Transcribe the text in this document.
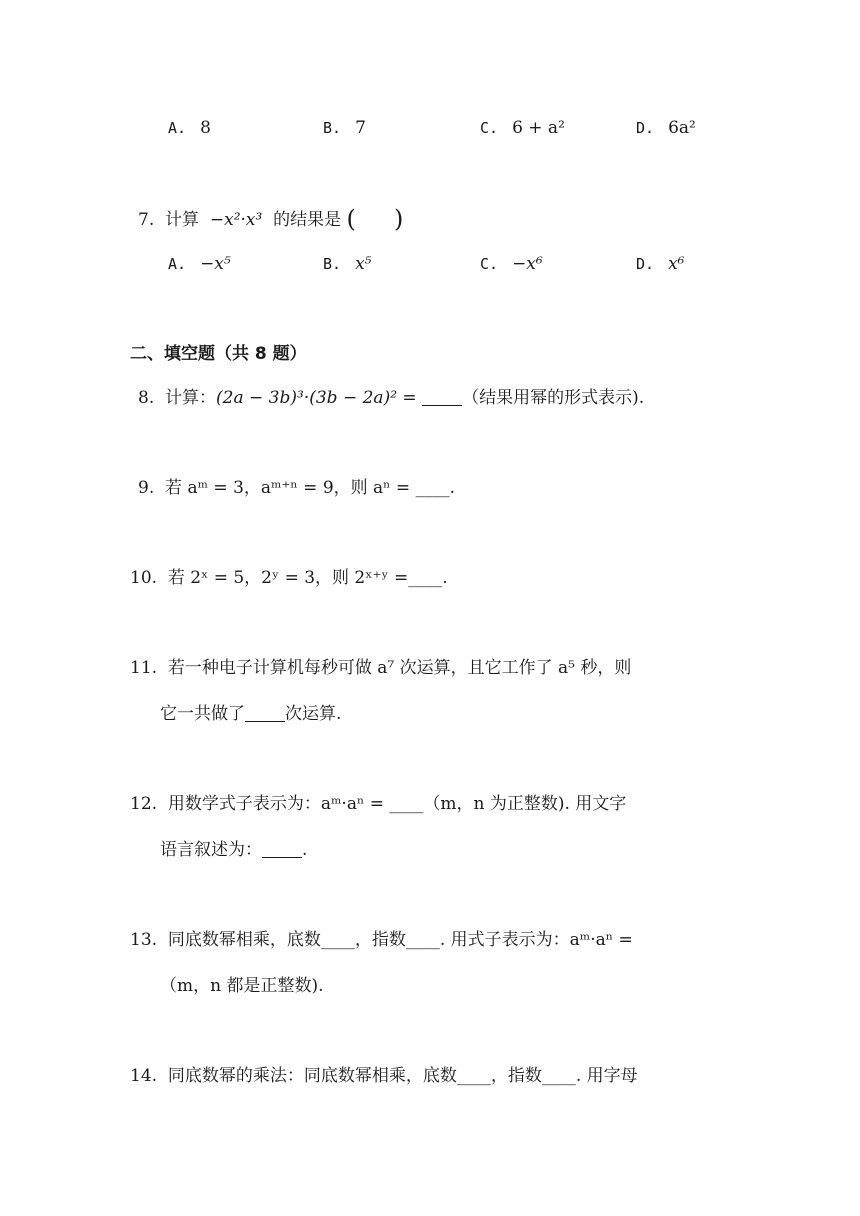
A. 8	B. 7	C. 6 + a²	D. 6a²
7. 计算 −x²·x³ 的结果是 (     )
A. −x⁵	B. x⁵	C. −x⁶	D. x⁶
二、填空题（共 8 题）
8. 计算：(2a − 3b)³·(3b − 2a)² =	（结果用幂的形式表示).
9. 若 aᵐ = 3，aᵐ⁺ⁿ = 9，则 aⁿ = ____.
10. 若 2ˣ = 5，2ʸ = 3，则 2ˣ⁺ʸ =____.
11. 若一种电子计算机每秒可做 a⁷ 次运算，且它工作了 a⁵ 秒，则
它一共做了 次运算.
12. 用数学式子表示为：aᵐ·aⁿ = ____（m，n 为正整数). 用文字
语言叙述为： .
13. 同底数幂相乘，底数____，指数____. 用式子表示为：aᵐ·aⁿ =
（m，n 都是正整数).
14. 同底数幂的乘法：同底数幂相乘，底数____，指数____. 用字母
